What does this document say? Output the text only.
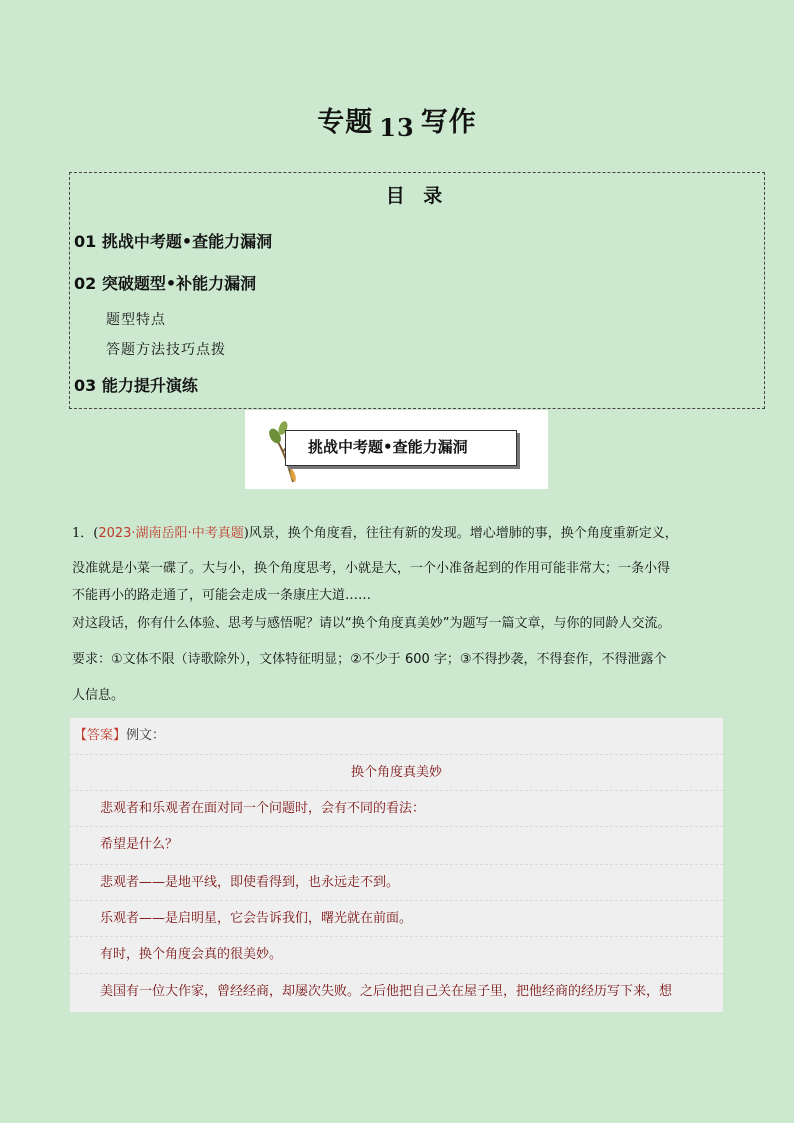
专题 13 写作
目 录
01 挑战中考题•查能力漏洞
02 突破题型•补能力漏洞
题型特点
答题方法技巧点拨
03 能力提升演练
挑战中考题•查能力漏洞
1．(2023·湖南岳阳·中考真题)风景，换个角度看，往往有新的发现。增心增肺的事，换个角度重新定义，
没准就是小菜一碟了。大与小，换个角度思考，小就是大，一个小准备起到的作用可能非常大；一条小得
不能再小的路走通了，可能会走成一条康庄大道……
对这段话，你有什么体验、思考与感悟呢？请以“换个角度真美妙”为题写一篇文章，与你的同龄人交流。
要求：①文体不限（诗歌除外），文体特征明显；②不少于 600 字；③不得抄袭，不得套作，不得泄露个
人信息。
【答案】例文：
换个角度真美妙
悲观者和乐观者在面对同一个问题时，会有不同的看法：
希望是什么？
悲观者——是地平线，即使看得到，也永远走不到。
乐观者——是启明星，它会告诉我们，曙光就在前面。
有时，换个角度会真的很美妙。
美国有一位大作家，曾经经商，却屡次失败。之后他把自己关在屋子里，把他经商的经历写下来，想
